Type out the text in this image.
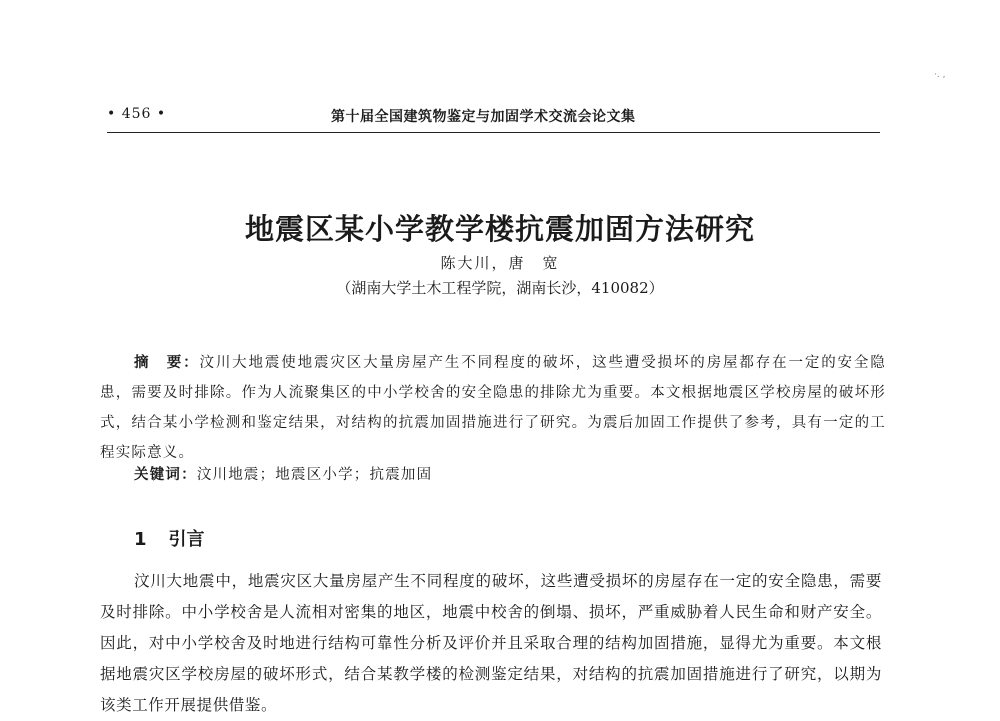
·. ,
• 456 •	第十届全国建筑物鉴定与加固学术交流会论文集
地震区某小学教学楼抗震加固方法研究
陈大川，唐　宽
（湖南大学土木工程学院，湖南长沙，410082）
摘　要：汶川大地震使地震灾区大量房屋产生不同程度的破坏，这些遭受损坏的房屋都存在一定的安全隐患，需要及时排除。作为人流聚集区的中小学校舍的安全隐患的排除尤为重要。本文根据地震区学校房屋的破坏形式，结合某小学检测和鉴定结果，对结构的抗震加固措施进行了研究。为震后加固工作提供了参考，具有一定的工程实际意义。
关键词：汶川地震；地震区小学；抗震加固
1 引言
汶川大地震中，地震灾区大量房屋产生不同程度的破坏，这些遭受损坏的房屋存在一定的安全隐患，需要及时排除。中小学校舍是人流相对密集的地区，地震中校舍的倒塌、损坏，严重威胁着人民生命和财产安全。因此，对中小学校舍及时地进行结构可靠性分析及评价并且采取合理的结构加固措施，显得尤为重要。本文根据地震灾区学校房屋的破坏形式，结合某教学楼的检测鉴定结果，对结构的抗震加固措施进行了研究，以期为该类工作开展提供借鉴。
